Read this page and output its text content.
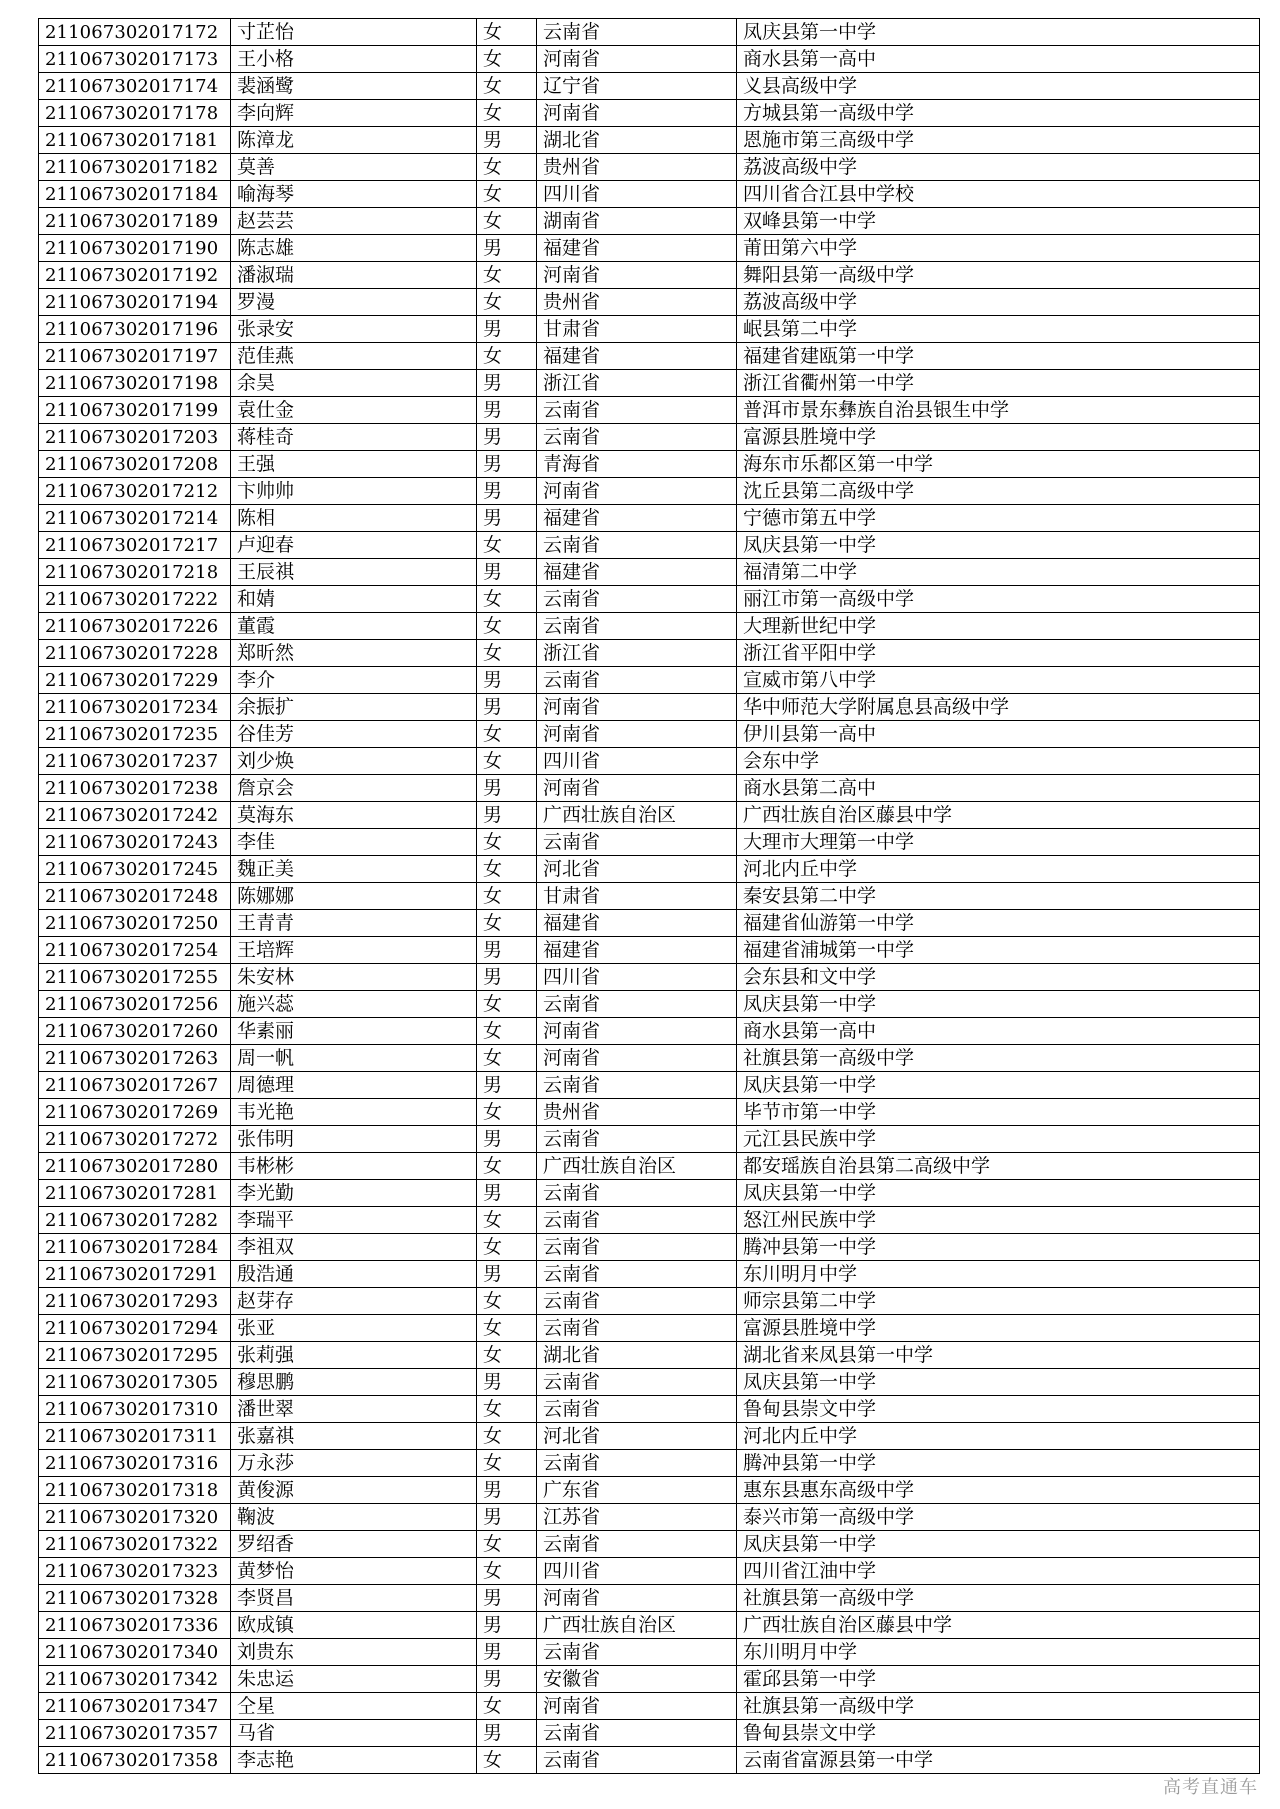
211067302017172	寸芷怡	女	云南省	凤庆县第一中学
211067302017173	王小格	女	河南省	商水县第一高中
211067302017174	裴涵鹭	女	辽宁省	义县高级中学
211067302017178	李向辉	女	河南省	方城县第一高级中学
211067302017181	陈漳龙	男	湖北省	恩施市第三高级中学
211067302017182	莫善	女	贵州省	荔波高级中学
211067302017184	喻海琴	女	四川省	四川省合江县中学校
211067302017189	赵芸芸	女	湖南省	双峰县第一中学
211067302017190	陈志雄	男	福建省	莆田第六中学
211067302017192	潘淑瑞	女	河南省	舞阳县第一高级中学
211067302017194	罗漫	女	贵州省	荔波高级中学
211067302017196	张录安	男	甘肃省	岷县第二中学
211067302017197	范佳燕	女	福建省	福建省建瓯第一中学
211067302017198	余昊	男	浙江省	浙江省衢州第一中学
211067302017199	袁仕金	男	云南省	普洱市景东彝族自治县银生中学
211067302017203	蒋桂奇	男	云南省	富源县胜境中学
211067302017208	王强	男	青海省	海东市乐都区第一中学
211067302017212	卞帅帅	男	河南省	沈丘县第二高级中学
211067302017214	陈相	男	福建省	宁德市第五中学
211067302017217	卢迎春	女	云南省	凤庆县第一中学
211067302017218	王辰祺	男	福建省	福清第二中学
211067302017222	和婧	女	云南省	丽江市第一高级中学
211067302017226	董霞	女	云南省	大理新世纪中学
211067302017228	郑昕然	女	浙江省	浙江省平阳中学
211067302017229	李介	男	云南省	宣威市第八中学
211067302017234	余振扩	男	河南省	华中师范大学附属息县高级中学
211067302017235	谷佳芳	女	河南省	伊川县第一高中
211067302017237	刘少焕	女	四川省	会东中学
211067302017238	詹京会	男	河南省	商水县第二高中
211067302017242	莫海东	男	广西壮族自治区	广西壮族自治区藤县中学
211067302017243	李佳	女	云南省	大理市大理第一中学
211067302017245	魏正美	女	河北省	河北内丘中学
211067302017248	陈娜娜	女	甘肃省	秦安县第二中学
211067302017250	王青青	女	福建省	福建省仙游第一中学
211067302017254	王培辉	男	福建省	福建省浦城第一中学
211067302017255	朱安林	男	四川省	会东县和文中学
211067302017256	施兴蕊	女	云南省	凤庆县第一中学
211067302017260	华素丽	女	河南省	商水县第一高中
211067302017263	周一帆	女	河南省	社旗县第一高级中学
211067302017267	周德理	男	云南省	凤庆县第一中学
211067302017269	韦光艳	女	贵州省	毕节市第一中学
211067302017272	张伟明	男	云南省	元江县民族中学
211067302017280	韦彬彬	女	广西壮族自治区	都安瑶族自治县第二高级中学
211067302017281	李光勤	男	云南省	凤庆县第一中学
211067302017282	李瑞平	女	云南省	怒江州民族中学
211067302017284	李祖双	女	云南省	腾冲县第一中学
211067302017291	殷浩通	男	云南省	东川明月中学
211067302017293	赵芽存	女	云南省	师宗县第二中学
211067302017294	张亚	女	云南省	富源县胜境中学
211067302017295	张莉强	女	湖北省	湖北省来凤县第一中学
211067302017305	穆思鹏	男	云南省	凤庆县第一中学
211067302017310	潘世翠	女	云南省	鲁甸县崇文中学
211067302017311	张嘉祺	女	河北省	河北内丘中学
211067302017316	万永莎	女	云南省	腾冲县第一中学
211067302017318	黄俊源	男	广东省	惠东县惠东高级中学
211067302017320	鞠波	男	江苏省	泰兴市第一高级中学
211067302017322	罗绍香	女	云南省	凤庆县第一中学
211067302017323	黄梦怡	女	四川省	四川省江油中学
211067302017328	李贤昌	男	河南省	社旗县第一高级中学
211067302017336	欧成镇	男	广西壮族自治区	广西壮族自治区藤县中学
211067302017340	刘贵东	男	云南省	东川明月中学
211067302017342	朱忠运	男	安徽省	霍邱县第一中学
211067302017347	仝星	女	河南省	社旗县第一高级中学
211067302017357	马省	男	云南省	鲁甸县崇文中学
211067302017358	李志艳	女	云南省	云南省富源县第一中学
高考直通车
